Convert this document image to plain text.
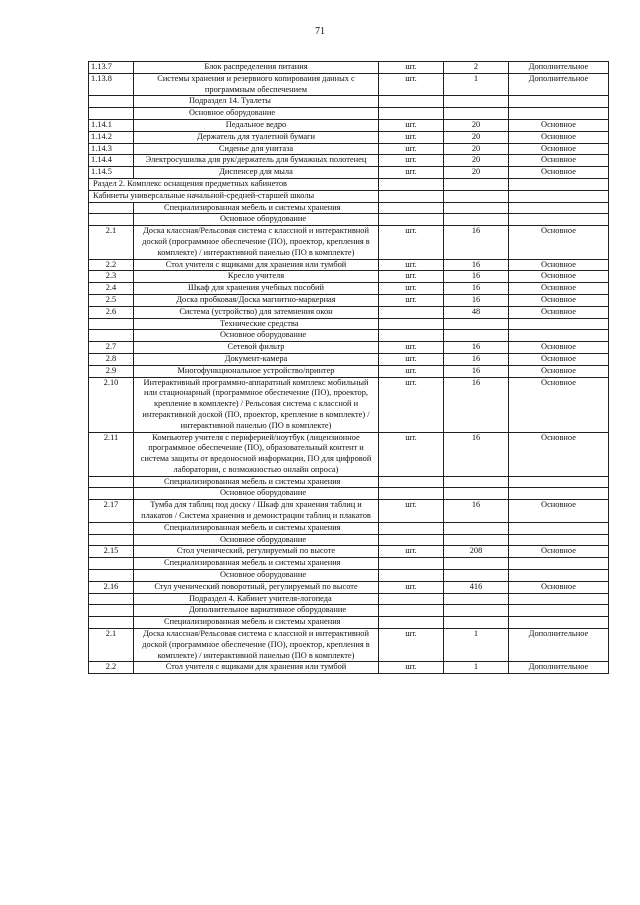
71
1.13.7	Блок распределения питания	шт.	2	Дополнительное
1.13.8	Системы хранения и резервного копирования данных с программным обеспечением	шт.	1	Дополнительное
	Подраздел 14. Туалеты			
	Основное оборудование			
1.14.1	Педальное ведро	шт.	20	Основное
1.14.2	Держатель для туалетной бумаги	шт.	20	Основное
1.14.3	Сиденье для унитаза	шт.	20	Основное
1.14.4	Электросушилка для рук/держатель для бумажных полотенец	шт.	20	Основное
1.14.5	Диспенсер для мыла	шт.	20	Основное
Раздел 2. Комплекс оснащения предметных кабинетов				
Кабинеты универсальные начальной-средней-старшей школы				
	Специализированная мебель и системы хранения			
	Основное оборудование			
2.1	Доска классная/Рельсовая система с классной и интерактивной доской (программное обеспечение (ПО), проектор, крепления в комплекте) / интерактивной панелью (ПО в комплекте)	шт.	16	Основное
2.2	Стол учителя с ящиками для хранения или тумбой	шт.	16	Основное
2.3	Кресло учителя	шт.	16	Основное
2.4	Шкаф для хранения учебных пособий	шт.	16	Основное
2.5	Доска пробковая/Доска магнитно-маркерная	шт.	16	Основное
2.6	Система (устройство) для затемнения окон		48	Основное
	Технические средства			
	Основное оборудование			
2.7	Сетевой фильтр	шт.	16	Основное
2.8	Документ-камера	шт.	16	Основное
2.9	Многофункциональное устройство/принтер	шт.	16	Основное
2.10	Интерактивный программно-аппаратный комплекс мобильный или стационарный (программное обеспечение (ПО), проектор, крепление в комплекте) / Рельсовая система с классной и интерактивной доской (ПО, проектор, крепление в комплекте) / интерактивной панелью (ПО в комплекте)	шт.	16	Основное
2.11	Компьютер учителя с периферией/ноутбук (лицензионное программное обеспечение (ПО), образовательный контент и система защиты от вредоносной информации, ПО для цифровой лаборатории, с возможностью онлайн опроса)	шт.	16	Основное
	Специализированная мебель и системы хранения			
	Основное оборудование			
2.17	Тумба для таблиц под доску / Шкаф для хранения таблиц и плакатов / Система хранения и демонстрации таблиц и плакатов	шт.	16	Основное
	Специализированная мебель и системы хранения			
	Основное оборудование			
2.15	Стол ученический, регулируемый по высоте	шт.	208	Основное
	Специализированная мебель и системы хранения			
	Основное оборудование			
2.16	Стул ученический поворотный, регулируемый по высоте	шт.	416	Основное
	Подраздел 4. Кабинет учителя-логопеда			
	Дополнительное вариативное оборудование			
	Специализированная мебель и системы хранения			
2.1	Доска классная/Рельсовая система с классной и интерактивной доской (программное обеспечение (ПО), проектор, крепления в комплекте) / интерактивной панелью (ПО в комплекте)	шт.	1	Дополнительное
2.2	Стол учителя с ящиками для хранения или тумбой	шт.	1	Дополнительное
